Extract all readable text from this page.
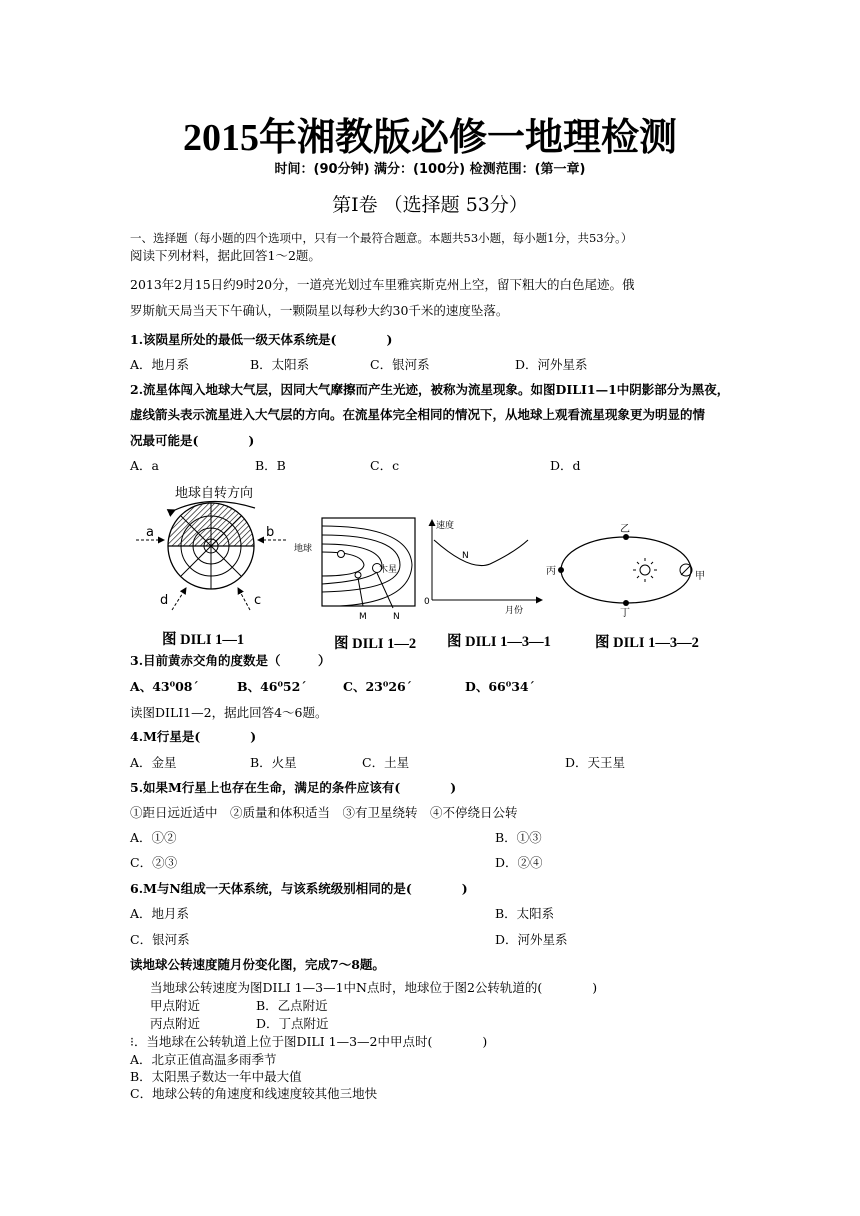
2015年湘教版必修一地理检测
时间：(90分钟) 满分：(100分) 检测范围：(第一章)
第Ⅰ卷 （选择题 53分）
一、选择题（每小题的四个选项中，只有一个最符合题意。本题共53小题，每小题1分，共53分。）
阅读下列材料，据此回答1～2题。
2013年2月15日约9时20分，一道亮光划过车里雅宾斯克州上空，留下粗大的白色尾迹。俄
罗斯航天局当天下午确认，一颗陨星以每秒大约30千米的速度坠落。
1.该陨星所处的最低一级天体系统是(　　　　)
A．地月系	B．太阳系	C．银河系	D．河外星系
2.流星体闯入地球大气层，因同大气摩擦而产生光迹，被称为流星现象。如图DILI1—1中阴影部分为黑夜，
虚线箭头表示流星进入大气层的方向。在流星体完全相同的情况下，从地球上观看流星现象更为明显的情
况最可能是(　　　　)
A．a	B．B	C．c	D．d
地球自转方向
a	b
d	c
地球
木星
M	N
速度
月份
0
N
乙
丁
丙	甲
图 DILI 1—1	图 DILI 1—2 图 DILI 1—3—1	图 DILI 1—3—2
3.目前黄赤交角的度数是（　　　）
A、43⁰08ˊ	B、46⁰52ˊ	C、23⁰26ˊ	D、66⁰34ˊ
读图DILI1—2，据此回答4～6题。
4.M行星是(　　　　)
A．金星	B．火星	C．土星	D．天王星
5.如果M行星上也存在生命，满足的条件应该有(　　　　)
①距日远近适中　②质量和体积适当　③有卫星绕转　④不停绕日公转
A．①②	B．①③
C．②③	D．②④
6.M与N组成一天体系统，与该系统级别相同的是(　　　　)
A．地月系	B．太阳系
C．银河系	D．河外星系
读地球公转速度随月份变化图，完成7～8题。
当地球公转速度为图DILI 1—3—1中N点时，地球位于图2公转轨道的(　　　　)
甲点附近	B．乙点附近
丙点附近	D．丁点附近
⁝．当地球在公转轨道上位于图DILI 1—3—2中甲点时(　　　　)
A．北京正值高温多雨季节
B．太阳黑子数达一年中最大值
C．地球公转的角速度和线速度较其他三地快
